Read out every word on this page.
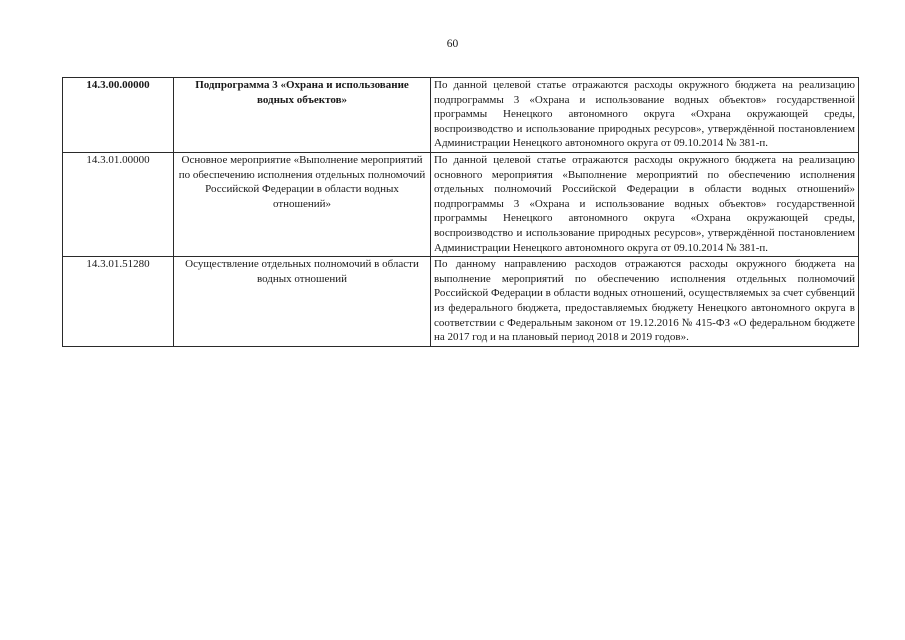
60
14.3.00.00000	Подпрограмма 3 «Охрана и использование водных объектов»	По данной целевой статье отражаются расходы окружного бюджета на реализацию подпрограммы 3 «Охрана и использование водных объектов» государственной программы Ненецкого автономного округа «Охрана окружающей среды, воспроизводство и использование природных ресурсов», утверждённой постановлением Администрации Ненецкого автономного округа от 09.10.2014 № 381-п.
14.3.01.00000	Основное мероприятие «Выполнение мероприятий по обеспечению исполнения отдельных полномочий Российской Федерации в области водных отношений»	По данной целевой статье отражаются расходы окружного бюджета на реализацию основного мероприятия «Выполнение мероприятий по обеспечению исполнения отдельных полномочий Российской Федерации в области водных отношений» подпрограммы 3 «Охрана и использование водных объектов» государственной программы Ненецкого автономного округа «Охрана окружающей среды, воспроизводство и использование природных ресурсов», утверждённой постановлением Администрации Ненецкого автономного округа от 09.10.2014 № 381-п.
14.3.01.51280	Осуществление отдельных полномочий в области водных отношений	По данному направлению расходов отражаются расходы окружного бюджета на выполнение мероприятий по обеспечению исполнения отдельных полномочий Российской Федерации в области водных отношений, осуществляемых за счет субвенций из федерального бюджета, предоставляемых бюджету Ненецкого автономного округа в соответствии с Федеральным законом от 19.12.2016 № 415-ФЗ «О федеральном бюджете на 2017 год и на плановый период 2018 и 2019 годов».
